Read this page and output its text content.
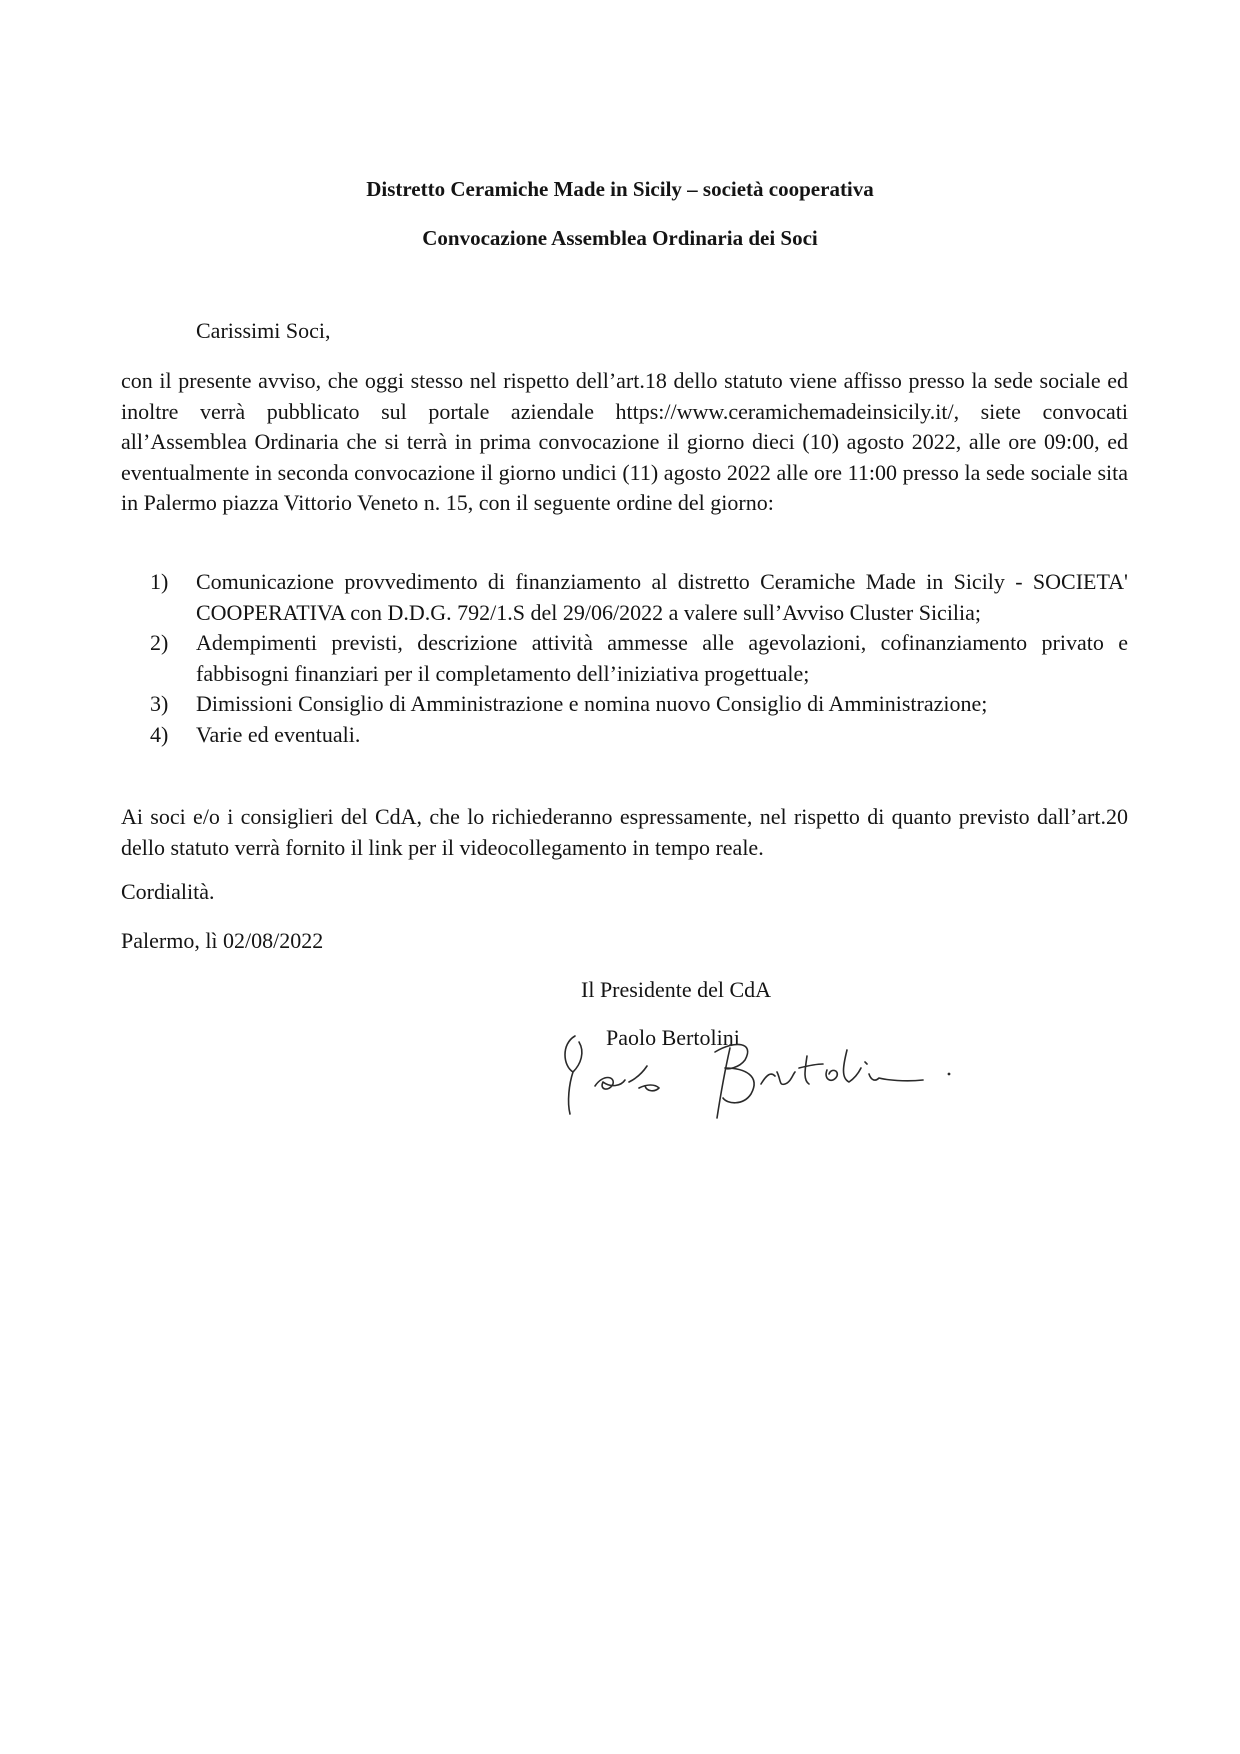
Distretto Ceramiche Made in Sicily – società cooperativa
Convocazione Assemblea Ordinaria dei Soci
Carissimi Soci,
con il presente avviso, che oggi stesso nel rispetto dell’art.18 dello statuto viene affisso presso la sede sociale ed inoltre verrà pubblicato sul portale aziendale https://www.ceramichemadeinsicily.it/, siete convocati all’Assemblea Ordinaria che si terrà in prima convocazione il giorno dieci (10) agosto 2022, alle ore 09:00, ed eventualmente in seconda convocazione il giorno undici (11) agosto 2022 alle ore 11:00 presso la sede sociale sita in Palermo piazza Vittorio Veneto n. 15, con il seguente ordine del giorno:
1) Comunicazione provvedimento di finanziamento al distretto Ceramiche Made in Sicily - SOCIETA' COOPERATIVA con D.D.G. 792/1.S del 29/06/2022 a valere sull’Avviso Cluster Sicilia;
2) Adempimenti previsti, descrizione attività ammesse alle agevolazioni, cofinanziamento privato e fabbisogni finanziari per il completamento dell’iniziativa progettuale;
3) Dimissioni Consiglio di Amministrazione e nomina nuovo Consiglio di Amministrazione;
4) Varie ed eventuali.
Ai soci e/o i consiglieri del CdA, che lo richiederanno espressamente, nel rispetto di quanto previsto dall’art.20 dello statuto verrà fornito il link per il videocollegamento in tempo reale.
Cordialità.
Palermo, lì 02/08/2022
Il Presidente del CdA
Paolo Bertolini
